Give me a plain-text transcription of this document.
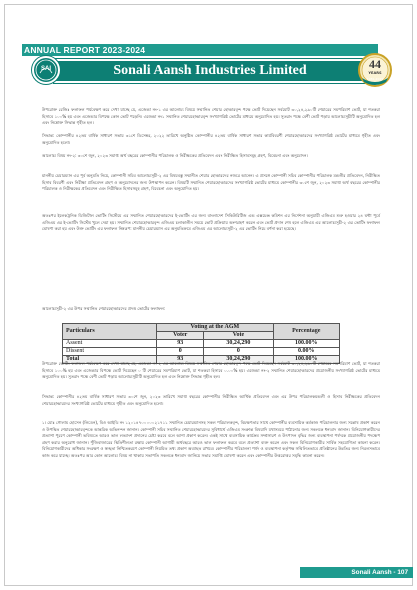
ANNUAL REPORT 2023-2024
Sonali Aansh Industries Limited
SAI	44
YEARS
1981-2025
উপরোক্ত রেজিঃ ফলাফল পর্যবেক্ষণ করে দেখা যাচ্ছে যে, এজেন্ডা নং-১ এর আলোচ্য বিষয়ে সম্মানিত শেয়ার হোল্ডারবৃন্দ পক্ষে ভোট দিয়েছেন সর্বমোট ৩০,২৪,২৯০টি শেয়ারের সমপরিমাণ ভোট, যা শতকরা হিসাবে ১০০% হয় এবং এজেন্ডার বিপক্ষে কোন ভোট পড়েনি। এজেন্ডা নং১ সম্মানিত শেয়ারহোল্ডারবৃন্দ সংখ্যাগরিষ্ঠ ভোটের মাধ্যমে অনুমোদিত হয়। সুতরাং পক্ষে বেশী ভোট পড়ায় আলোচ্যসূচীটি অনুমোদিত হল এবং নিম্নোক্ত সিদ্ধান্ত গৃহীত হল।
সিদ্ধান্ত: কোম্পানীর ৪২তম বার্ষিক সাধারণ সভায় ৩১শে ডিসেম্বর, ২০২২ তারিখে অনুষ্ঠিত কোম্পানীর ৪২তম বার্ষিক সাধারণ সভার কার্যবিবরণী শেয়ারহোল্ডারদের সংখ্যাগরিষ্ঠ ভোটের মাধ্যমে গৃহীত এবং অনুমোদিত হলো।
আলোচ্য বিষয় নং-২: ৩০শে জুন, ২০২৩ সমাপ্ত অর্থ বছরের কোম্পানীর পরিচালক ও নিরীক্ষকের প্রতিবেদন এবং নিরীক্ষিত হিসাবসমূহ গ্রহণ, বিবেচনা এবং অনুমোদন।
মাননীয় চেয়ারম্যান এর পূর্ব অনুমতি নিয়ে, কোম্পানী সচিব আলোচ্যসূচী-২ এর বিষয়বস্তু সম্মানীত শেয়ার হোল্ডারদের নজরে আনেন। এ প্রসঙ্গে কোম্পানী সচিব কোম্পানীর পরিচালক মন্ডলীর প্রতিবেদন, নিরীক্ষিত হিসাব বিবরণী এবং নিরীক্ষা প্রতিবেদন গ্রহণ ও অনুমোদনের জন্য উপস্থাপন করেন। বিষয়টি সম্মানিত শেয়ারহোল্ডারদের সংখ্যাগরিষ্ঠ ভোটের মাধ্যমে কোম্পানীর ৩০শে জুন, ২০২৩ সমাপ্ত অর্থ বছরের কোম্পানীর পরিচালক ও নিরীক্ষকের প্রতিবেদন এবং নিরীক্ষিত হিসাবসমূহ গ্রহণ, বিবেচনা এবং অনুমোদিত হয়।
অতঃপর ইলেকট্রনিক ডিজিটাল ভোটিং সিস্টেমে এর সম্মানিত শেয়ারহোল্ডারদের ই-ভোটিং এর জন্য বাংলাদেশ সিকিউরিটিজ এন্ড এক্সচেঞ্জ কমিশন এর নির্দেশনা অনুযায়ী এজিএম শুরু হওয়ার ২৪ ঘন্টা পূর্বে এজিএম এর ই-ভোটিং সিস্টেম খুলে দেয়া হয়। সম্মানিত শেয়ারহোল্ডারবৃন্দ এজিএম চলাকালীন সময়ে ভোট প্রক্রিয়ায় অংশগ্রহণ করেন এবং ভোট প্রদান শেষ হলে এজিএম এর আলোচ্যসূচী-২ এর ভোটিং ফলাফল ঘোষণা করা হয় এবং উক্ত ভোটিং এর ফলাফল নিম্নরূপ: মাননীয় চেয়ারম্যান এর অনুমতিক্রমে এজিএম এর আলোচ্যসূচী-২ এর ভোটিং নিচে বর্ণনা করা হয়েছে।
আলোচ্যসূচী-২ এর উপর সম্মানিত শেয়ারহোল্ডারদের প্রদত্ত ভোটের ফলাফল:
Particulars	Voting at the AGM		Percentage
	Voter	Vote	
Assent	93	30,24,290	100.00%
Dissent	0	0	0.00%
Total	93	30,24,290	100.00%
উপরোক্ত ভোটিং ফলাফল পর্যবেক্ষণ করে দেখা যাচ্ছে যে, এজেন্ডা নং-২ এর আলোচ্য বিষয়ে সম্মানিত শেয়ার হোল্ডারবৃন্দ পক্ষে ভোট দিয়েছেন সর্বমোট ৩০,২৪,২৯০টি শেয়ারের সমপরিমাণ ভোট, যা শতকরা হিসাবে ১০০% হয় এবং এজেন্ডার বিপক্ষে ভোট দিয়েছেন ০ টি শেয়ারের সমপরিমাণ ভোট, যা শতকরা হিসাবে ০.০০% হয়। এজেন্ডা নং-২ সম্মানিত শেয়ারহোল্ডারদের প্রয়োজনীয় সংখ্যাগরিষ্ঠ ভোটের মাধ্যমে অনুমোদিত হয়। সুতরাং পক্ষে বেশী ভোট পড়ায় আলোচ্যসূচীটি অনুমোদিত হল এবং নিম্নোক্ত সিদ্ধান্ত গৃহীত হল।
সিদ্ধান্ত: কোম্পানীর ৪২তম বার্ষিক সাধারণ সভায় ৩০শে জুন, ২০২৩ তারিখে সমাপ্ত বছরের কোম্পানীর নিরীক্ষিত আর্থিক প্রতিবেদন এবং এর উপর পরিচালকমন্ডলী ও হিসাব নিরীক্ষকের প্রতিবেদন শেয়ারহোল্ডারদের সংখ্যাগরিষ্ঠ ভোটের মাধ্যমে গৃহীত এবং অনুমোদিত হলো।
১। মোঃ গোলাম হোসেন (লিডেন), বিও আইডি নং ১২০১৪৭০০০০০২১৭১১ সম্মানিত চেয়ারম্যানসহ সকল পরিচালকবৃন্দ, বিচক্ষণতার সাথে কোম্পানীর ব্যবসায়িক কর্মকাণ্ড পরিচালনার জন্য সন্তোষ প্রকাশ করেন ও উপস্থিত শেয়ারহোল্ডারবৃন্দকে আন্তরিক অভিনন্দন জানান। কোম্পানী সচিব সম্মানিত শেয়ারহোল্ডারদের সুবিধার্থে এজিএম সংক্রান্ত বিষয়াদি যথাসময়ে পাঠানোর জন্য সকলকে ধন্যবাদ জানান। বিনিয়োগকারীদের প্রত্যাশা পূরণে কোম্পানী ভবিষ্যতে আরও ভাল লভ্যাংশ প্রদানের চেষ্টা করবে বলে আশা প্রকাশ করেন। একই সাথে ব্যবসায়িক কার্যক্রম সম্প্রসারণ ও উৎপাদন বৃদ্ধির জন্য ব্যবস্থাপনা পর্ষদকে প্রয়োজনীয় পদক্ষেপ গ্রহণ করার অনুরোধ জানান। পুঁজিবাজারের স্থিতিশীলতা রক্ষায় কোম্পানী আগামী অর্থবছরে আরও ভাল ফলাফল করবে বলে প্রত্যাশা ব্যক্ত করেন এবং সকল বিনিয়োগকারীর সার্বিক সহযোগিতা কামনা করেন। বিনিয়োগকারীদের অধিকার সংরক্ষণ ও স্বচ্ছতা নিশ্চিতকরণে কোম্পানী নিয়মিত তথ্য প্রকাশ অব্যাহত রাখবে। কোম্পানীর পরিচালনা পর্ষদ ও ব্যবস্থাপনা কর্তৃপক্ষ সম্মিলিতভাবে প্রতিষ্ঠানের উন্নতির জন্য নিরলসভাবে কাজ করে যাচ্ছে। অতঃপর আর কোন আলোচ্য বিষয় না থাকায় সভাপতি সকলকে ধন্যবাদ জানিয়ে সভার সমাপ্তি ঘোষণা করেন এবং কোম্পানীর উত্তরোত্তর সমৃদ্ধি কামনা করেন।
Sonali Aansh - 107
